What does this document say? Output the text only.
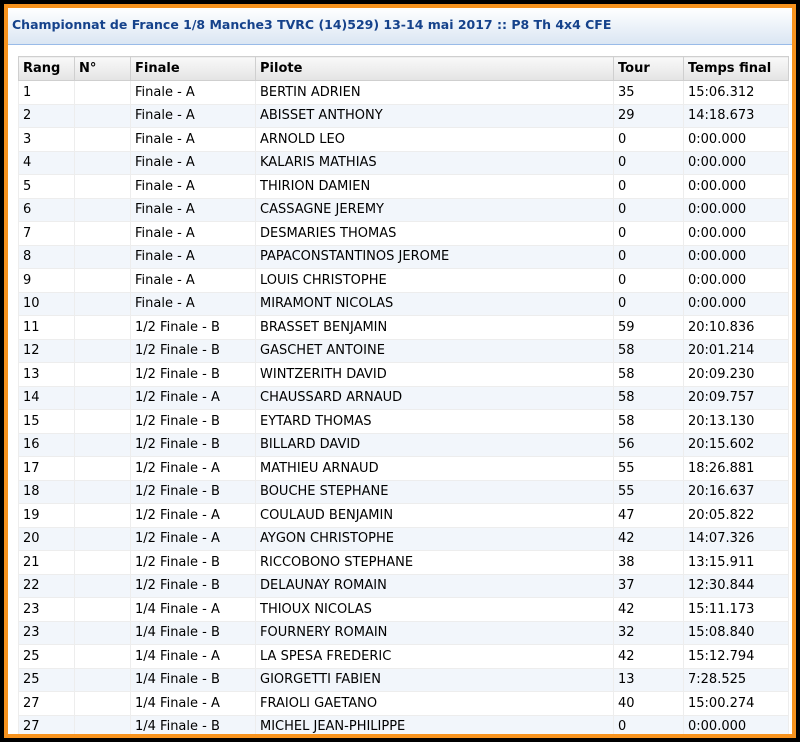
Championnat de France 1/8 Manche3 TVRC (14)529) 13-14 mai 2017 :: P8 Th 4x4 CFE
Rang	N°	Finale	Pilote	Tour	Temps final
1		Finale - A	BERTIN ADRIEN	35	15:06.312
2		Finale - A	ABISSET ANTHONY	29	14:18.673
3		Finale - A	ARNOLD LEO	0	0:00.000
4		Finale - A	KALARIS MATHIAS	0	0:00.000
5		Finale - A	THIRION DAMIEN	0	0:00.000
6		Finale - A	CASSAGNE JEREMY	0	0:00.000
7		Finale - A	DESMARIES THOMAS	0	0:00.000
8		Finale - A	PAPACONSTANTINOS JEROME	0	0:00.000
9		Finale - A	LOUIS CHRISTOPHE	0	0:00.000
10		Finale - A	MIRAMONT NICOLAS	0	0:00.000
11		1/2 Finale - B	BRASSET BENJAMIN	59	20:10.836
12		1/2 Finale - B	GASCHET ANTOINE	58	20:01.214
13		1/2 Finale - B	WINTZERITH DAVID	58	20:09.230
14		1/2 Finale - A	CHAUSSARD ARNAUD	58	20:09.757
15		1/2 Finale - B	EYTARD THOMAS	58	20:13.130
16		1/2 Finale - B	BILLARD DAVID	56	20:15.602
17		1/2 Finale - A	MATHIEU ARNAUD	55	18:26.881
18		1/2 Finale - B	BOUCHE STEPHANE	55	20:16.637
19		1/2 Finale - A	COULAUD BENJAMIN	47	20:05.822
20		1/2 Finale - A	AYGON CHRISTOPHE	42	14:07.326
21		1/2 Finale - B	RICCOBONO STEPHANE	38	13:15.911
22		1/2 Finale - B	DELAUNAY ROMAIN	37	12:30.844
23		1/4 Finale - A	THIOUX NICOLAS	42	15:11.173
23		1/4 Finale - B	FOURNERY ROMAIN	32	15:08.840
25		1/4 Finale - A	LA SPESA FREDERIC	42	15:12.794
25		1/4 Finale - B	GIORGETTI FABIEN	13	7:28.525
27		1/4 Finale - A	FRAIOLI GAETANO	40	15:00.274
27		1/4 Finale - B	MICHEL JEAN-PHILIPPE	0	0:00.000
